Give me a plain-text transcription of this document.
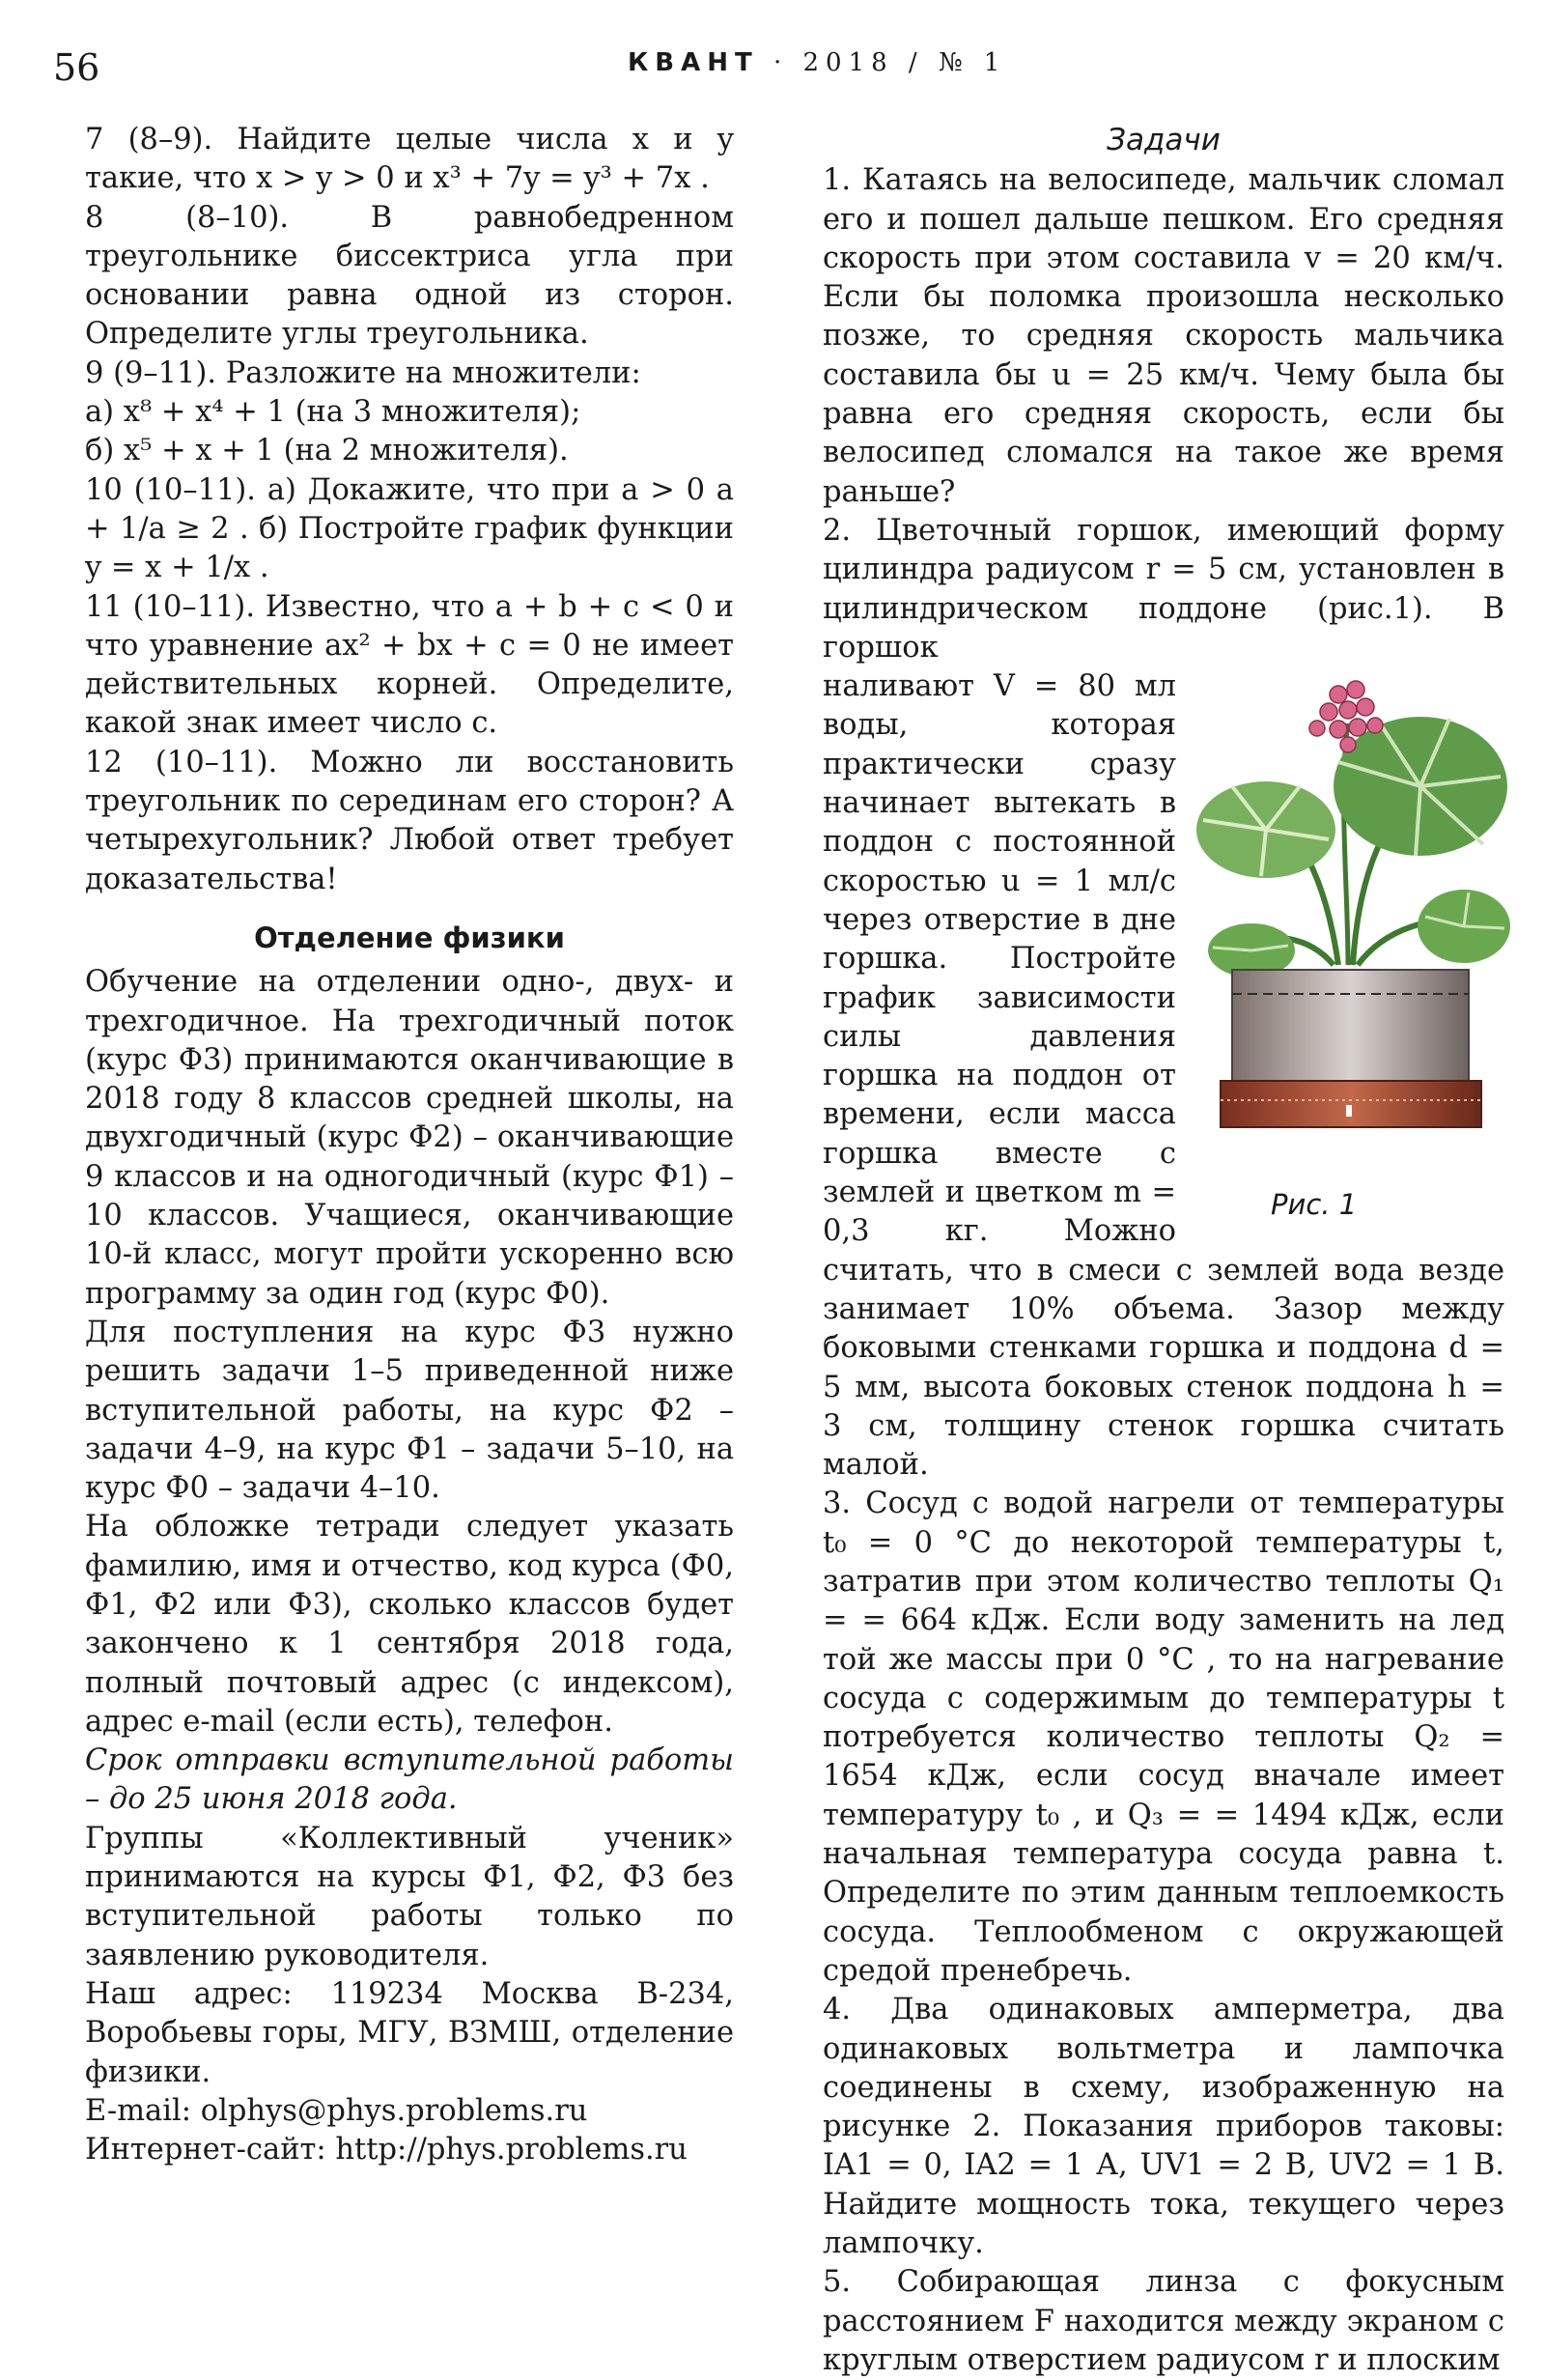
56	КВАНТ · 2018 / № 1

7 (8–9). Найдите целые числа x и y такие, что x > y > 0 и x³ + 7y = y³ + 7x .

8 (8–10). В равнобедренном треугольнике биссектриса угла при основании равна одной из сторон. Определите углы треугольника.

9 (9–11). Разложите на множители:

а) x⁸ + x⁴ + 1 (на 3 множителя);

б) x⁵ + x + 1 (на 2 множителя).

10 (10–11). а) Докажите, что при a > 0 a + 1/a ≥ 2 . б) Постройте график функции y = x + 1/x .

11 (10–11). Известно, что a + b + c < 0 и что уравнение ax² + bx + c = 0 не имеет действительных корней. Определите, какой знак имеет число c.

12 (10–11). Можно ли восстановить треугольник по серединам его сторон? А четырехугольник? Любой ответ требует доказательства!

Отделение физики

Обучение на отделении одно-, двух- и трехгодичное. На трехгодичный поток (курс Ф3) принимаются оканчивающие в 2018 году 8 классов средней школы, на двухгодичный (курс Ф2) – оканчивающие 9 классов и на одногодичный (курс Ф1) – 10 классов. Учащиеся, оканчивающие 10-й класс, могут пройти ускоренно всю программу за один год (курс Ф0).

Для поступления на курс Ф3 нужно решить задачи 1–5 приведенной ниже вступительной работы, на курс Ф2 – задачи 4–9, на курс Ф1 – задачи 5–10, на курс Ф0 – задачи 4–10.

На обложке тетради следует указать фамилию, имя и отчество, код курса (Ф0, Ф1, Ф2 или Ф3), сколько классов будет закончено к 1 сентября 2018 года, полный почтовый адрес (с индексом), адрес e-mail (если есть), телефон.

Срок отправки вступительной работы – до 25 июня 2018 года.

Группы «Коллективный ученик» принимаются на курсы Ф1, Ф2, Ф3 без вступительной работы только по заявлению руководителя.

Наш адрес: 119234 Москва В-234, Воробьевы горы, МГУ, ВЗМШ, отделение физики.

E-mail: olphys@phys.problems.ru

Интернет-сайт: http://phys.problems.ru

Задачи

1. Катаясь на велосипеде, мальчик сломал его и пошел дальше пешком. Его средняя скорость при этом составила v = 20 км/ч. Если бы поломка произошла несколько позже, то средняя скорость мальчика составила бы u = 25 км/ч. Чему была бы равна его средняя скорость, если бы велосипед сломался на такое же время раньше?

2. Цветочный горшок, имеющий форму цилиндра радиусом r = 5 см, установлен в цилиндрическом поддоне (рис.1). В горшок

Рис. 1

наливают V = 80 мл воды, которая практически сразу начинает вытекать в поддон с постоянной скоростью u = 1 мл/с через отверстие в дне горшка. Постройте график зависимости силы давления горшка на поддон от времени, если масса горшка вместе с землей и цветком m = 0,3 кг. Можно считать, что в смеси с землей вода везде занимает 10% объема. Зазор между боковыми стенками горшка и поддона d = 5 мм, высота боковых стенок поддона h = 3 см, толщину стенок горшка считать малой.

3. Сосуд с водой нагрели от температуры t₀ = 0 °C до некоторой температуры t, затратив при этом количество теплоты Q₁ = = 664 кДж. Если воду заменить на лед той же массы при 0 °C , то на нагревание сосуда с содержимым до температуры t потребуется количество теплоты Q₂ = 1654 кДж, если сосуд вначале имеет температуру t₀ , и Q₃ = = 1494 кДж, если начальная температура сосуда равна t. Определите по этим данным теплоемкость сосуда. Теплообменом с окружающей средой пренебречь.

4. Два одинаковых амперметра, два одинаковых вольтметра и лампочка соединены в схему, изображенную на рисунке 2. Показания приборов таковы: IA1 = 0, IA2 = 1 А, UV1 = 2 В, UV2 = 1 В. Найдите мощность тока, текущего через лампочку.

5. Собирающая линза с фокусным расстоянием F находится между экраном с круглым отверстием радиусом r и плоским
